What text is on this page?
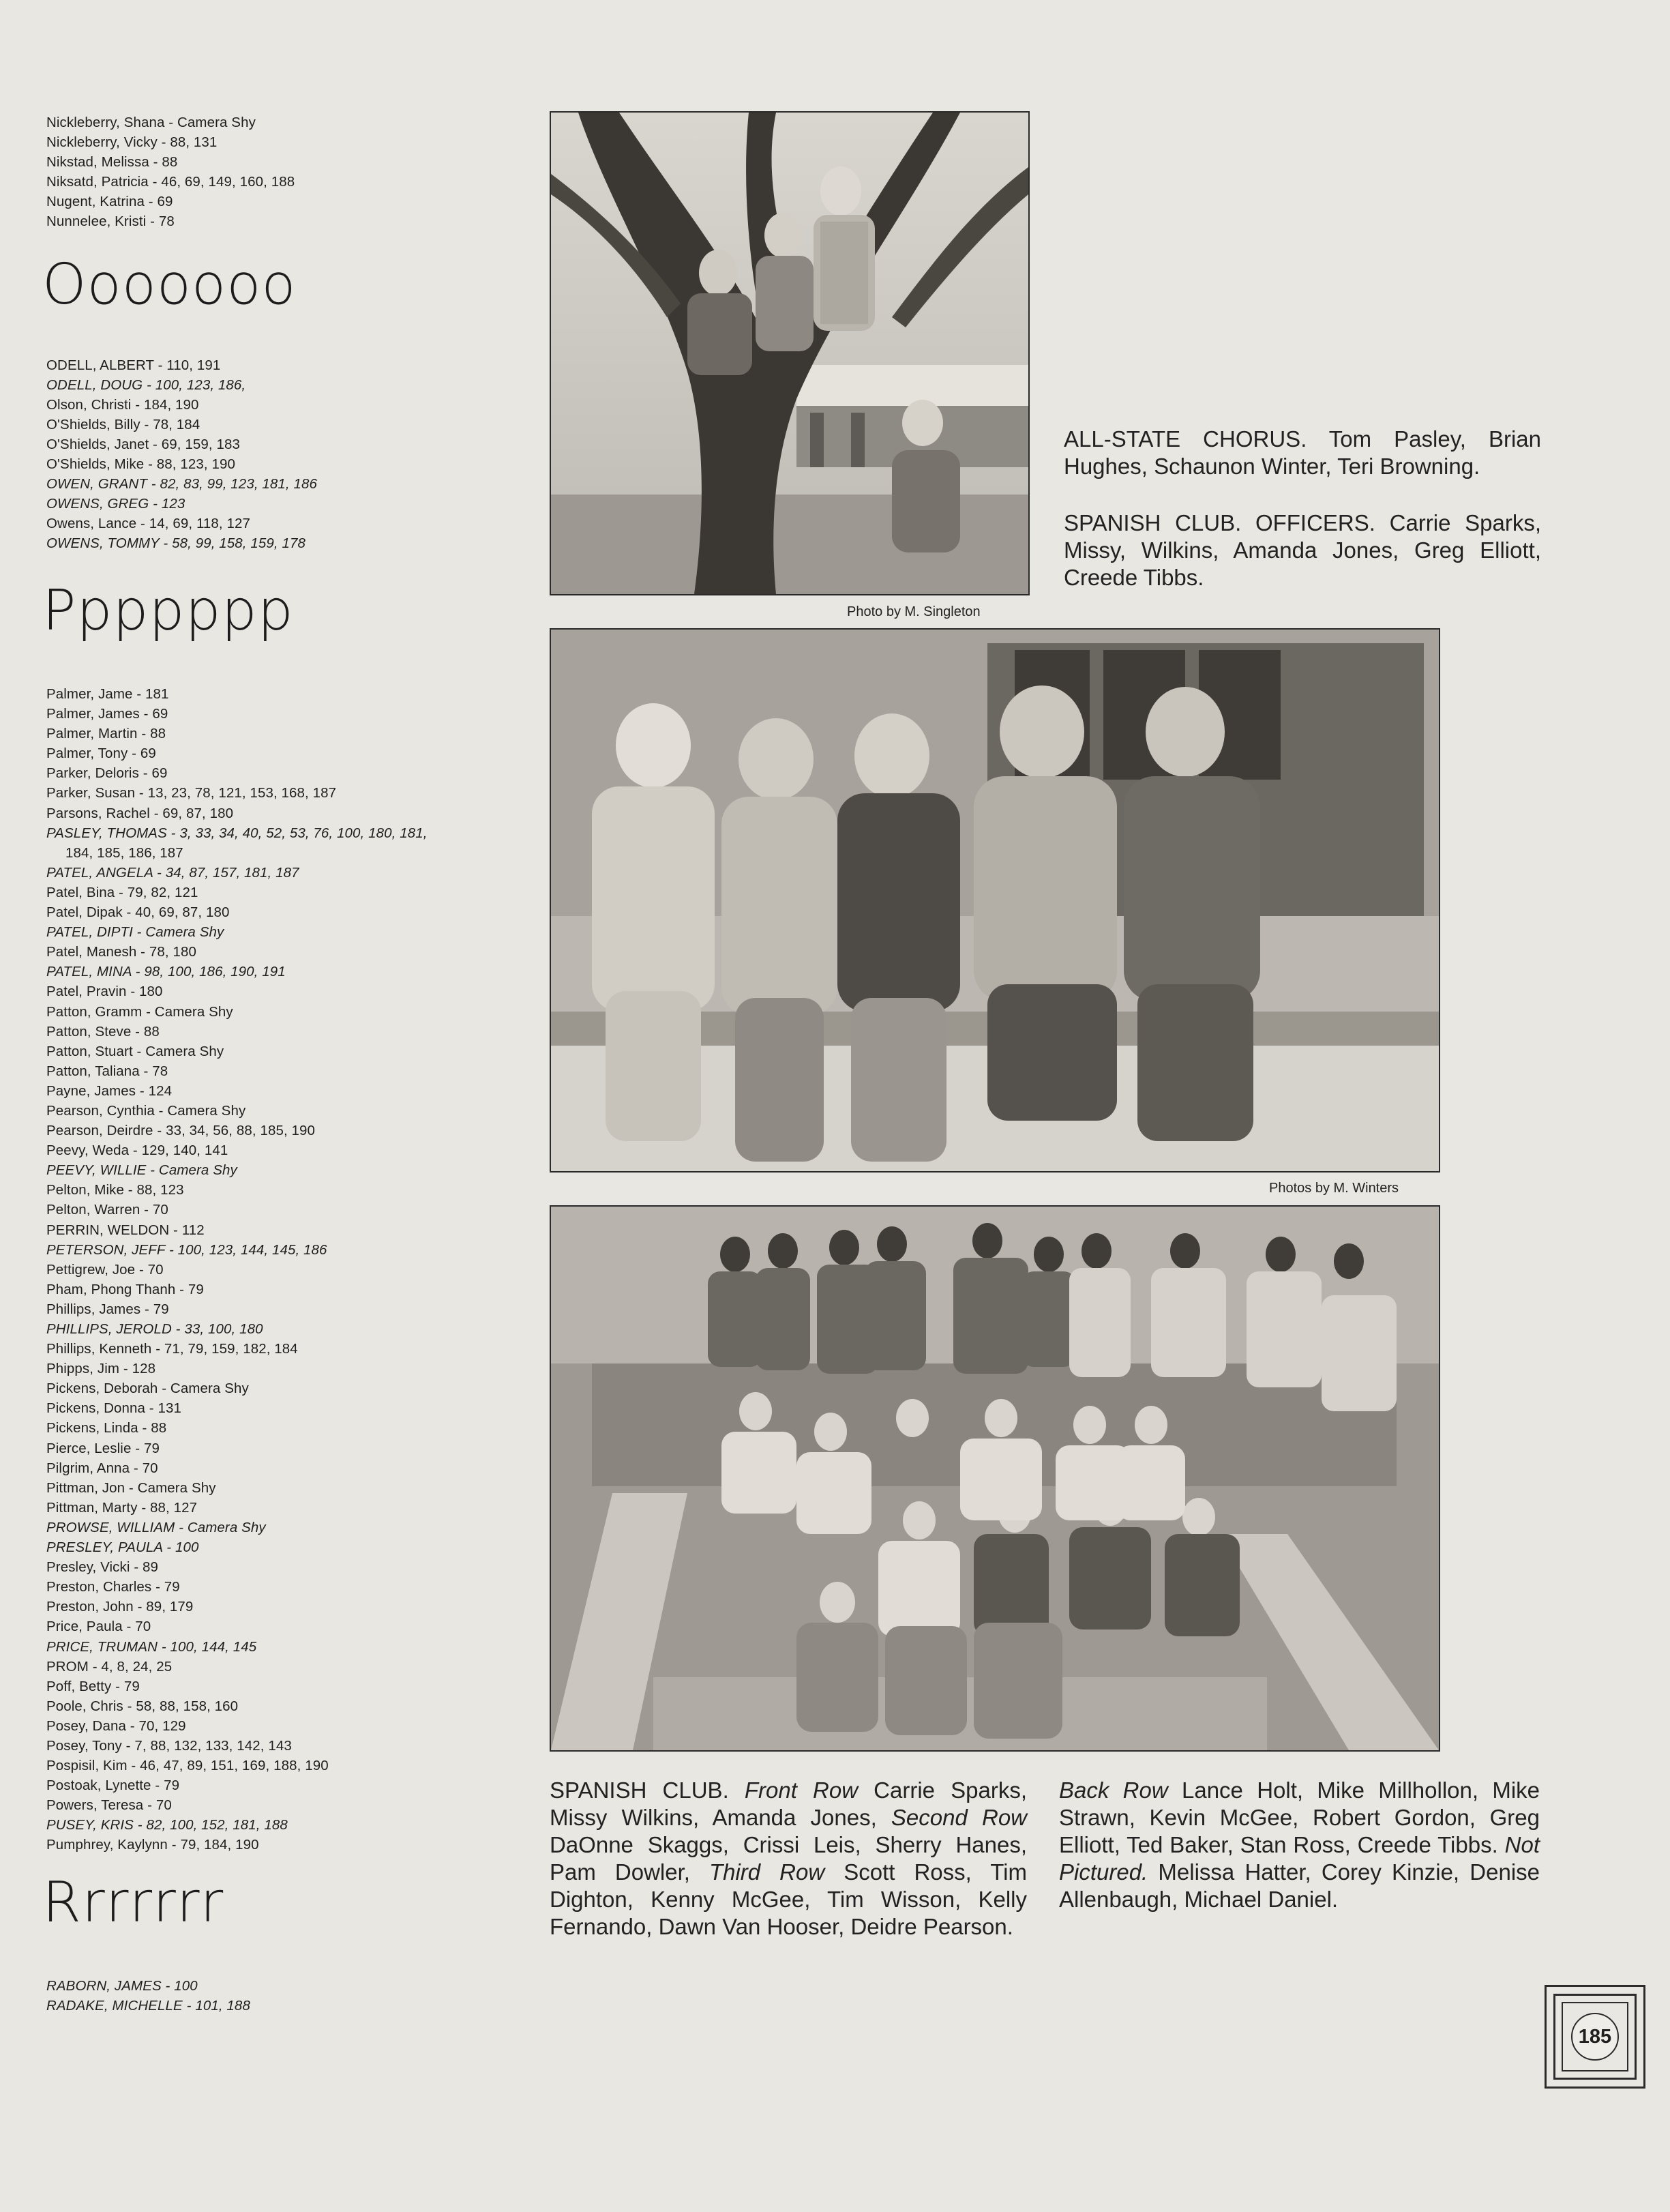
Nickleberry, Shana - Camera Shy
Nickleberry, Vicky - 88, 131
Nikstad, Melissa - 88
Niksatd, Patricia - 46, 69, 149, 160, 188
Nugent, Katrina - 69
Nunnelee, Kristi - 78
Ooooooo
ODELL, ALBERT - 110, 191
ODELL, DOUG - 100, 123, 186,
Olson, Christi - 184, 190
O'Shields, Billy - 78, 184
O'Shields, Janet - 69, 159, 183
O'Shields, Mike - 88, 123, 190
OWEN, GRANT - 82, 83, 99, 123, 181, 186
OWENS, GREG - 123
Owens, Lance - 14, 69, 118, 127
OWENS, TOMMY - 58, 99, 158, 159, 178
Ppppppp
Palmer, Jame - 181
Palmer, James - 69
Palmer, Martin - 88
Palmer, Tony - 69
Parker, Deloris - 69
Parker, Susan - 13, 23, 78, 121, 153, 168, 187
Parsons, Rachel - 69, 87, 180
PASLEY, THOMAS - 3, 33, 34, 40, 52, 53, 76, 100, 180, 181,
184, 185, 186, 187
PATEL, ANGELA - 34, 87, 157, 181, 187
Patel, Bina - 79, 82, 121
Patel, Dipak - 40, 69, 87, 180
PATEL, DIPTI - Camera Shy
Patel, Manesh - 78, 180
PATEL, MINA - 98, 100, 186, 190, 191
Patel, Pravin - 180
Patton, Gramm - Camera Shy
Patton, Steve - 88
Patton, Stuart - Camera Shy
Patton, Taliana - 78
Payne, James - 124
Pearson, Cynthia - Camera Shy
Pearson, Deirdre - 33, 34, 56, 88, 185, 190
Peevy, Weda - 129, 140, 141
PEEVY, WILLIE - Camera Shy
Pelton, Mike - 88, 123
Pelton, Warren - 70
PERRIN, WELDON - 112
PETERSON, JEFF - 100, 123, 144, 145, 186
Pettigrew, Joe - 70
Pham, Phong Thanh - 79
Phillips, James - 79
PHILLIPS, JEROLD - 33, 100, 180
Phillips, Kenneth - 71, 79, 159, 182, 184
Phipps, Jim - 128
Pickens, Deborah - Camera Shy
Pickens, Donna - 131
Pickens, Linda - 88
Pierce, Leslie - 79
Pilgrim, Anna - 70
Pittman, Jon - Camera Shy
Pittman, Marty - 88, 127
PROWSE, WILLIAM - Camera Shy
PRESLEY, PAULA - 100
Presley, Vicki - 89
Preston, Charles - 79
Preston, John - 89, 179
Price, Paula - 70
PRICE, TRUMAN - 100, 144, 145
PROM - 4, 8, 24, 25
Poff, Betty - 79
Poole, Chris - 58, 88, 158, 160
Posey, Dana - 70, 129
Posey, Tony - 7, 88, 132, 133, 142, 143
Pospisil, Kim - 46, 47, 89, 151, 169, 188, 190
Postoak, Lynette - 79
Powers, Teresa - 70
PUSEY, KRIS - 82, 100, 152, 181, 188
Pumphrey, Kaylynn - 79, 184, 190
Rrrrrrr
RABORN, JAMES - 100
RADAKE, MICHELLE - 101, 188
Photo by M. Singleton
ALL-STATE CHORUS. Tom Pasley, Brian Hughes, Schaunon Winter, Teri Browning.
SPANISH CLUB. OFFICERS. Carrie Sparks, Missy, Wilkins, Amanda Jones, Greg Elliott, Creede Tibbs.
Photos by M. Winters
SPANISH CLUB. Front Row Carrie Sparks, Missy Wilkins, Amanda Jones, Second Row DaOnne Skaggs, Crissi Leis, Sherry Hanes, Pam Dowler, Third Row Scott Ross, Tim Dighton, Kenny McGee, Tim Wisson, Kelly Fernando, Dawn Van Hooser, Deidre Pearson.
Back Row Lance Holt, Mike Millhollon, Mike Strawn, Kevin McGee, Robert Gordon, Greg Elliott, Ted Baker, Stan Ross, Creede Tibbs. Not Pictured. Melissa Hatter, Corey Kinzie, Denise Allenbaugh, Michael Daniel.
185
